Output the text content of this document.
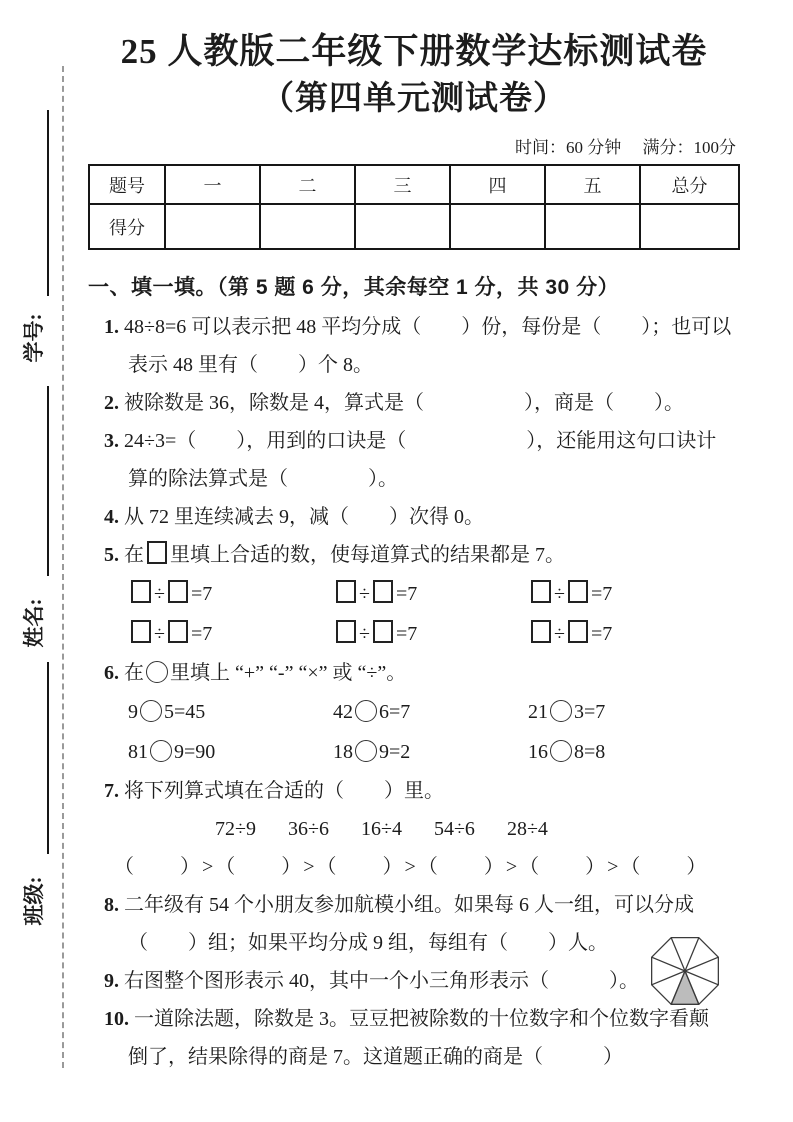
学号:
姓名:
班级:
25 人教版二年级下册数学达标测试卷
（第四单元测试卷）
时间：60 分钟　 满分：100分
题号	一	二	三	四	五	总分
得分						
一、填一填。（第 5 题 6 分，其余每空 1 分，共 30 分）
1. 48÷8=6 可以表示把 48 平均分成（　　）份，每份是（　　）；也可以
表示 48 里有（　　）个 8。
2. 被除数是 36，除数是 4，算式是（　　　　　），商是（　　）。
3. 24÷3=（　　），用到的口诀是（　　　　　　），还能用这句口诀计
算的除法算式是（　　　　）。
4. 从 72 里连续减去 9，减（　　）次得 0。
5. 在 里填上合适的数，使每道算式的结果都是 7。
÷ =7	÷ =7	÷ =7
÷ =7	÷ =7	÷ =7
6. 在 里填上 “+” “-” “×” 或 “÷”。
9 5=45	42 6=7	21 3=7
81 9=90	18 9=2	16 8=8
7. 将下列算式填在合适的（　　）里。
72÷9 36÷6 16÷4 54÷6 28÷4
（　　）>（　　）>（　　）>（　　）>（　　）>（　　）
8. 二年级有 54 个小朋友参加航模小组。如果每 6 人一组，可以分成
（　　）组；如果平均分成 9 组，每组有（　　）人。
9. 右图整个图形表示 40，其中一个小三角形表示（　　　）。
10. 一道除法题，除数是 3。豆豆把被除数的十位数字和个位数字看颠
倒了，结果除得的商是 7。这道题正确的商是（　　　）
